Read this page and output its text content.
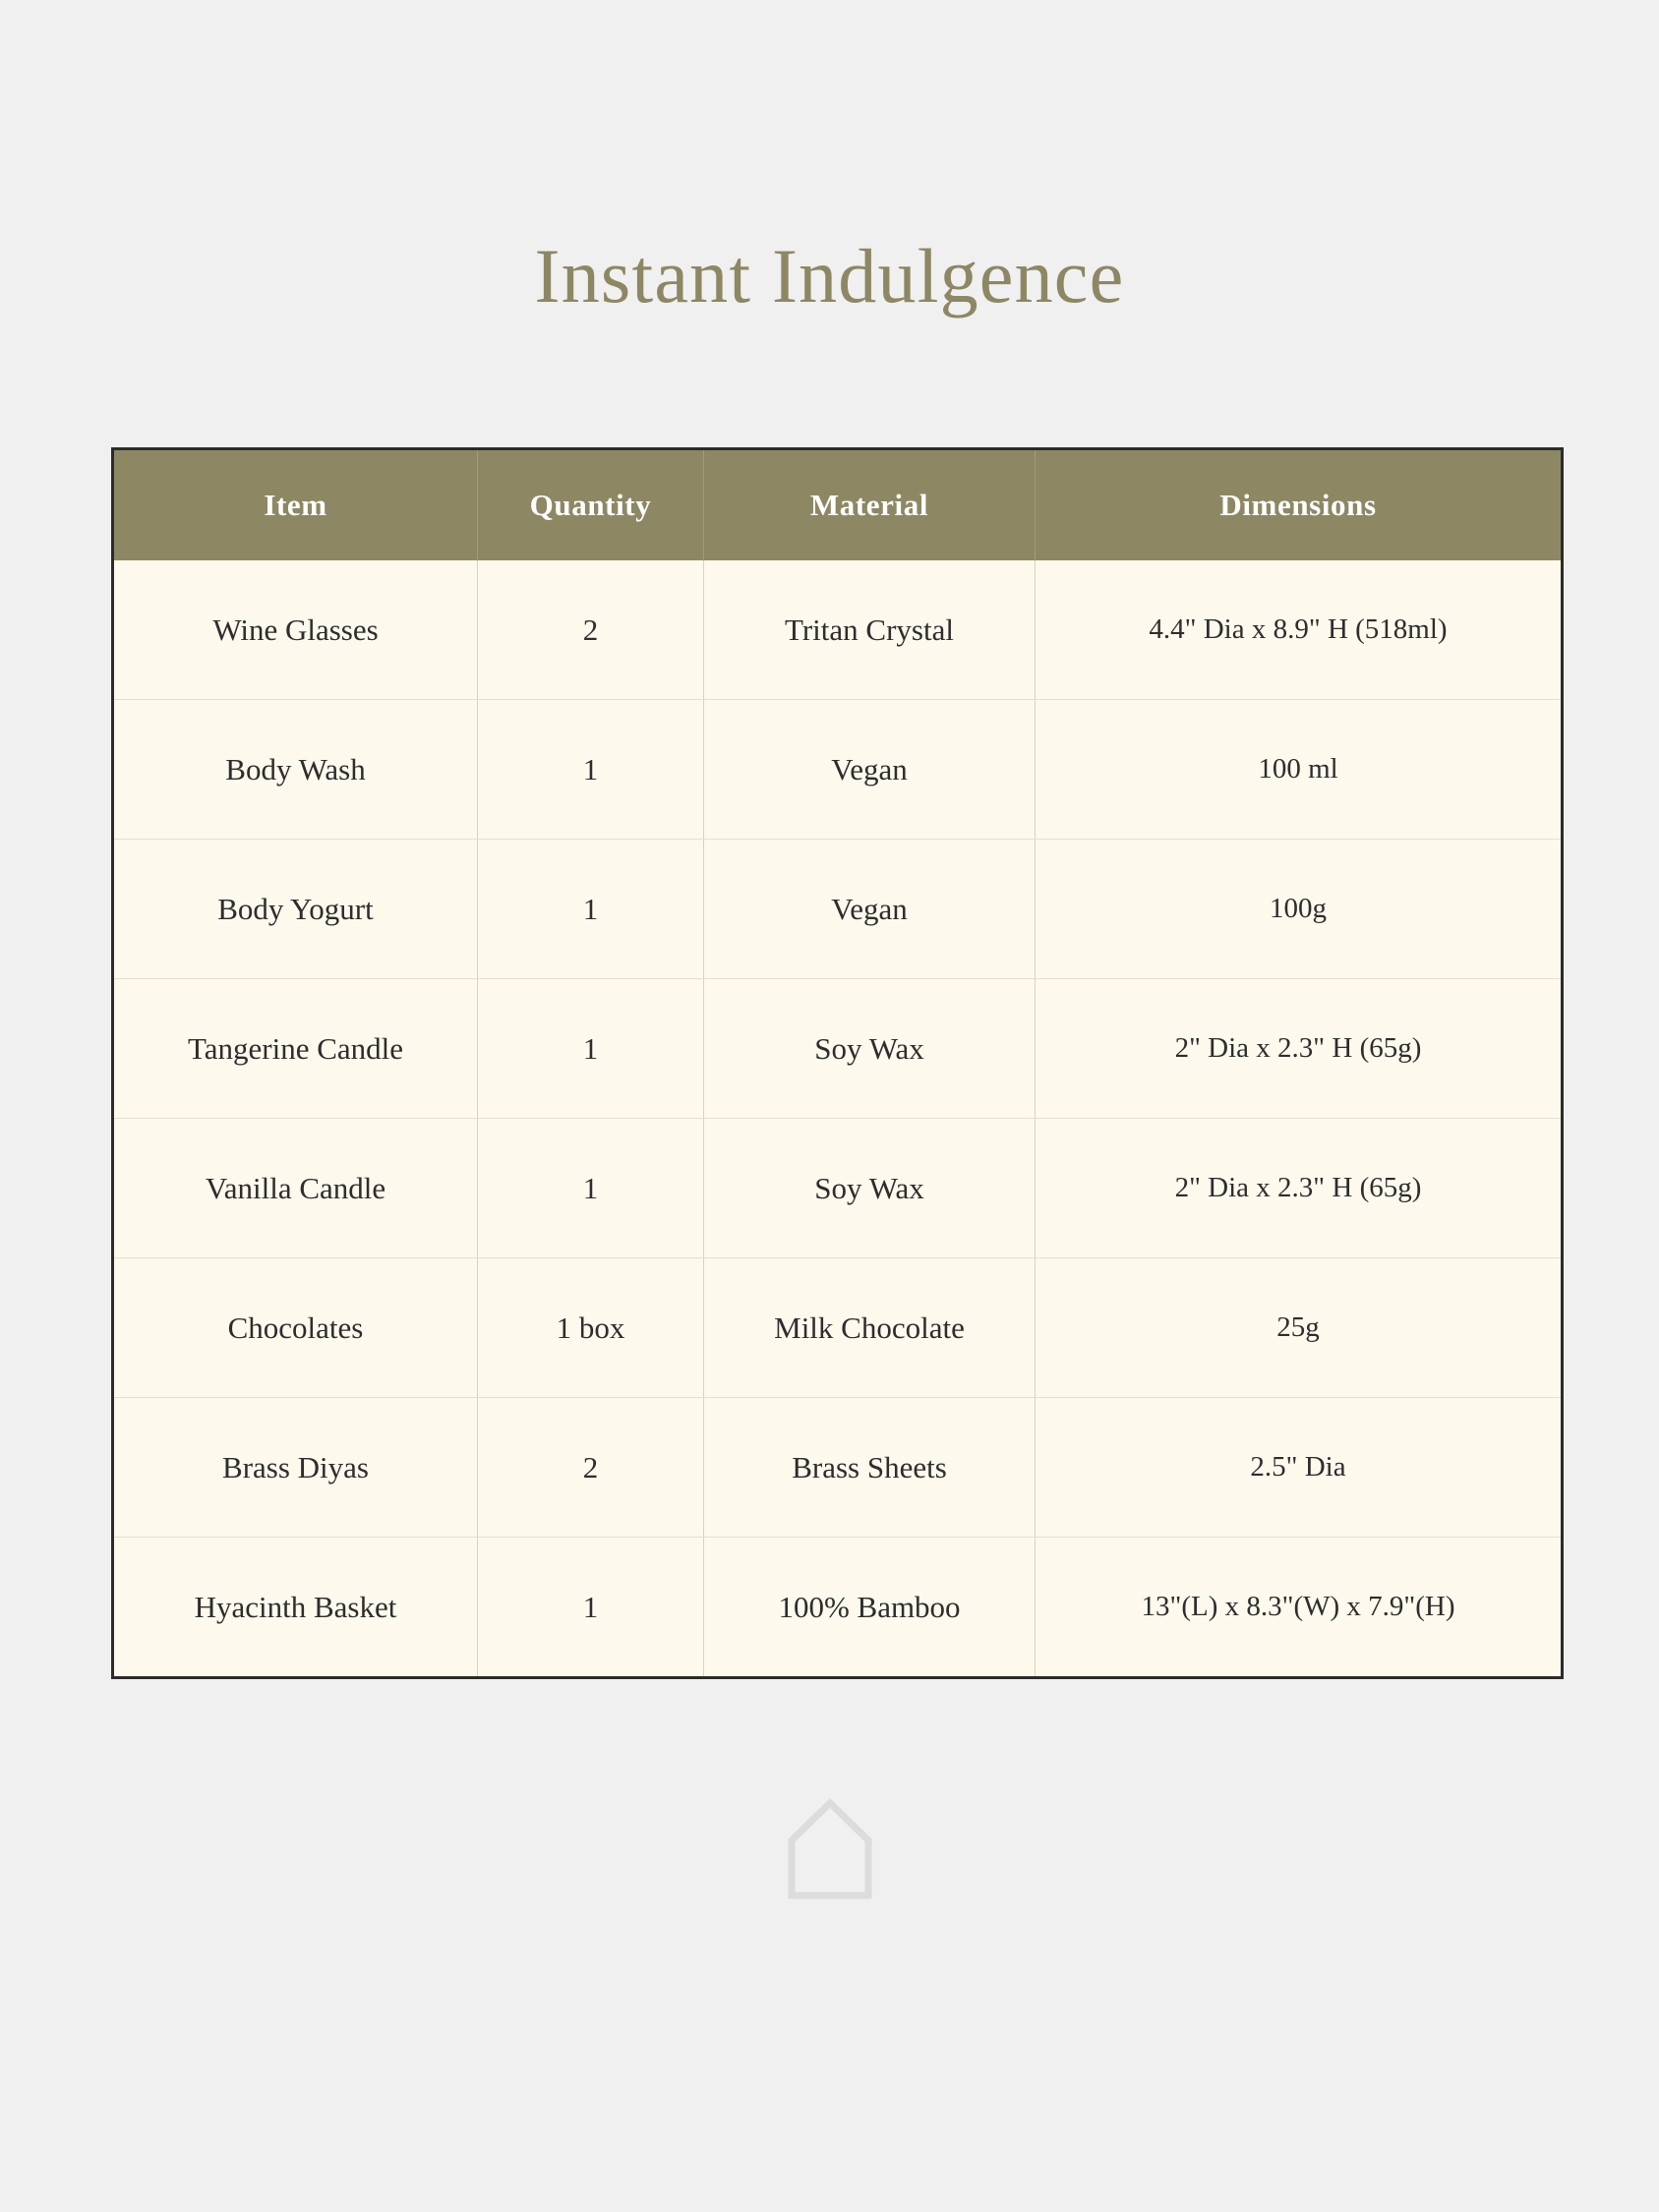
Instant Indulgence
Item	Quantity	Material	Dimensions
Wine Glasses	2	Tritan Crystal	4.4" Dia x 8.9" H (518ml)
Body Wash	1	Vegan	100 ml
Body Yogurt	1	Vegan	100g
Tangerine Candle	1	Soy Wax	2" Dia x 2.3" H (65g)
Vanilla Candle	1	Soy Wax	2" Dia x 2.3" H (65g)
Chocolates	1 box	Milk Chocolate	25g
Brass Diyas	2	Brass Sheets	2.5" Dia
Hyacinth Basket	1	100% Bamboo	13"(L) x 8.3"(W) x 7.9"(H)
